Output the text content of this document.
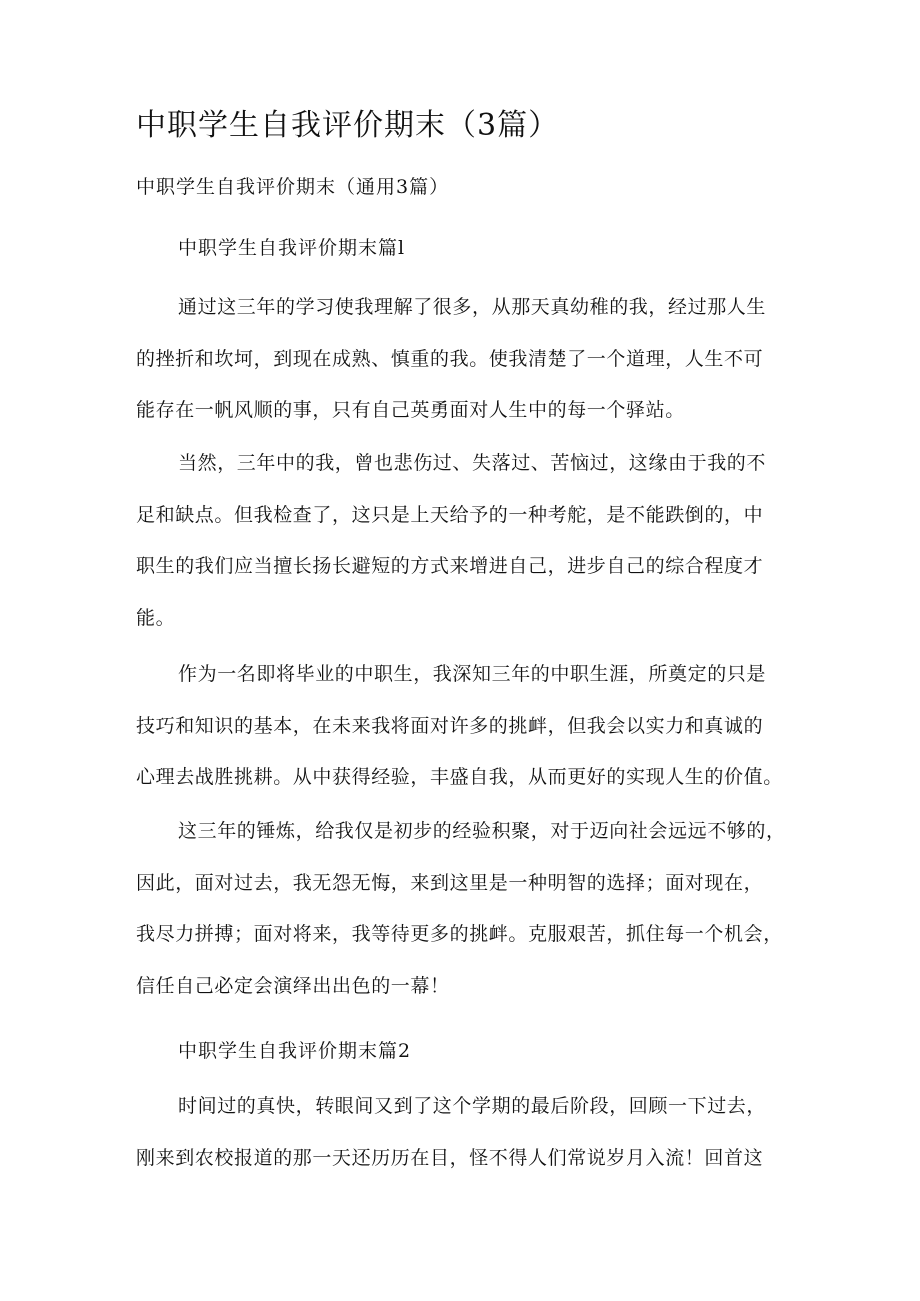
中职学生自我评价期末（3篇）
中职学生自我评价期末（通用3篇）
中职学生自我评价期末篇l

通过这三年的学习使我理解了很多，从那天真幼稚的我，经过那人生
的挫折和坎坷，到现在成熟、慎重的我。使我清楚了一个道理，人生不可
能存在一帆风顺的事，只有自己英勇面对人生中的每一个驿站。

当然，三年中的我，曾也悲伤过、失落过、苦恼过，这缘由于我的不
足和缺点。但我检查了，这只是上天给予的一种考舵，是不能跌倒的，中
职生的我们应当擅长扬长避短的方式来增进自己，进步自己的综合程度才
能。

作为一名即将毕业的中职生，我深知三年的中职生涯，所奠定的只是
技巧和知识的基本，在未来我将面对许多的挑衅，但我会以实力和真诚的
心理去战胜挑耕。从中获得经验，丰盛自我，从而更好的实现人生的价值。

这三年的锤炼，给我仅是初步的经验积聚，对于迈向社会远远不够的，
因此，面对过去，我无怨无悔，来到这里是一种明智的选择；面对现在，
我尽力拼搏；面对将来，我等待更多的挑衅。克服艰苦，抓住每一个机会，
信任自己必定会演绎出出色的一幕！

中职学生自我评价期末篇2

时间过的真快，转眼间又到了这个学期的最后阶段，回顾一下过去，
刚来到农校报道的那一天还历历在目，怪不得人们常说岁月入流！回首这
